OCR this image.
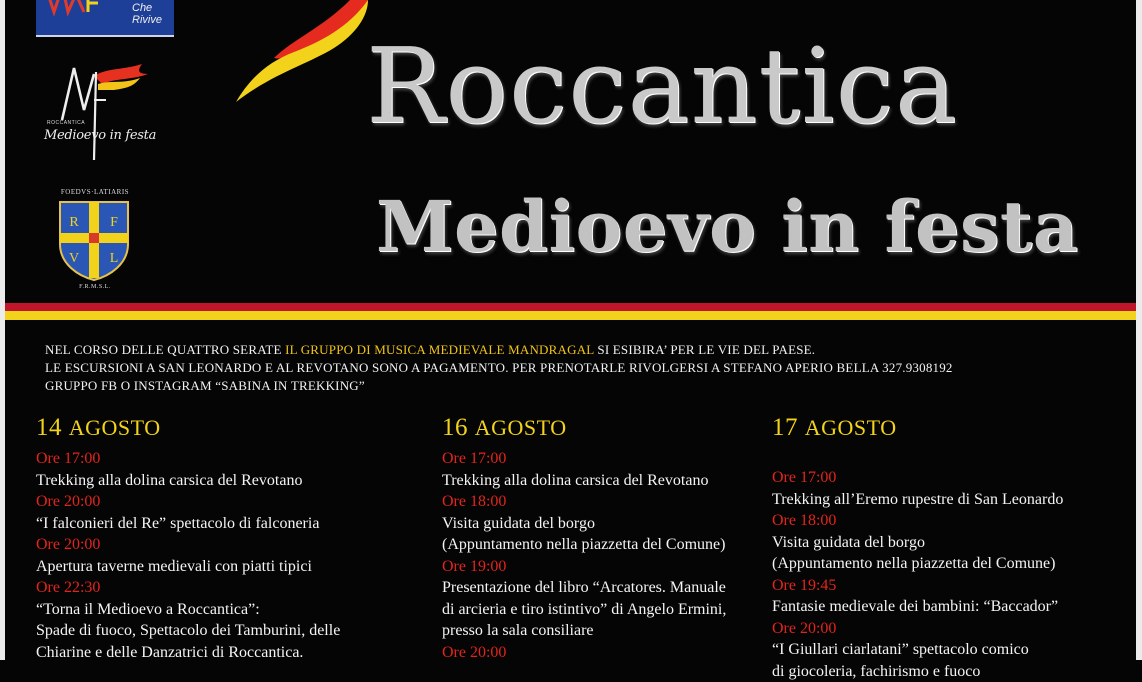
Che Rivive
ROCCANTICA
Medioevo in festa
FOEDVS·LATIARIS
R F
V L
F.R.M.S.L.
Roccantica
Medioevo in festa
NEL CORSO DELLE QUATTRO SERATE IL GRUPPO DI MUSICA MEDIEVALE MANDRAGAL SI ESIBIRA’ PER LE VIE DEL PAESE.
LE ESCURSIONI A SAN LEONARDO E AL REVOTANO SONO A PAGAMENTO. PER PRENOTARLE RIVOLGERSI A STEFANO APERIO BELLA 327.9308192
GRUPPO FB O INSTAGRAM “SABINA IN TREKKING”
14 AGOSTO
Ore 17:00
Trekking alla dolina carsica del Revotano
Ore 20:00
“I falconieri del Re” spettacolo di falconeria
Ore 20:00
Apertura taverne medievali con piatti tipici
Ore 22:30
“Torna il Medioevo a Roccantica”:
Spade di fuoco, Spettacolo dei Tamburini, delle
Chiarine e delle Danzatrici di Roccantica.
16 AGOSTO
Ore 17:00
Trekking alla dolina carsica del Revotano
Ore 18:00
Visita guidata del borgo
(Appuntamento nella piazzetta del Comune)
Ore 19:00
Presentazione del libro “Arcatores. Manuale
di arcieria e tiro istintivo” di Angelo Ermini,
presso la sala consiliare
Ore 20:00
17 AGOSTO
Ore 17:00
Trekking all’Eremo rupestre di San Leonardo
Ore 18:00
Visita guidata del borgo
(Appuntamento nella piazzetta del Comune)
Ore 19:45
Fantasie medievale dei bambini: “Baccador”
Ore 20:00
“I Giullari ciarlatani” spettacolo comico
di giocoleria, fachirismo e fuoco
